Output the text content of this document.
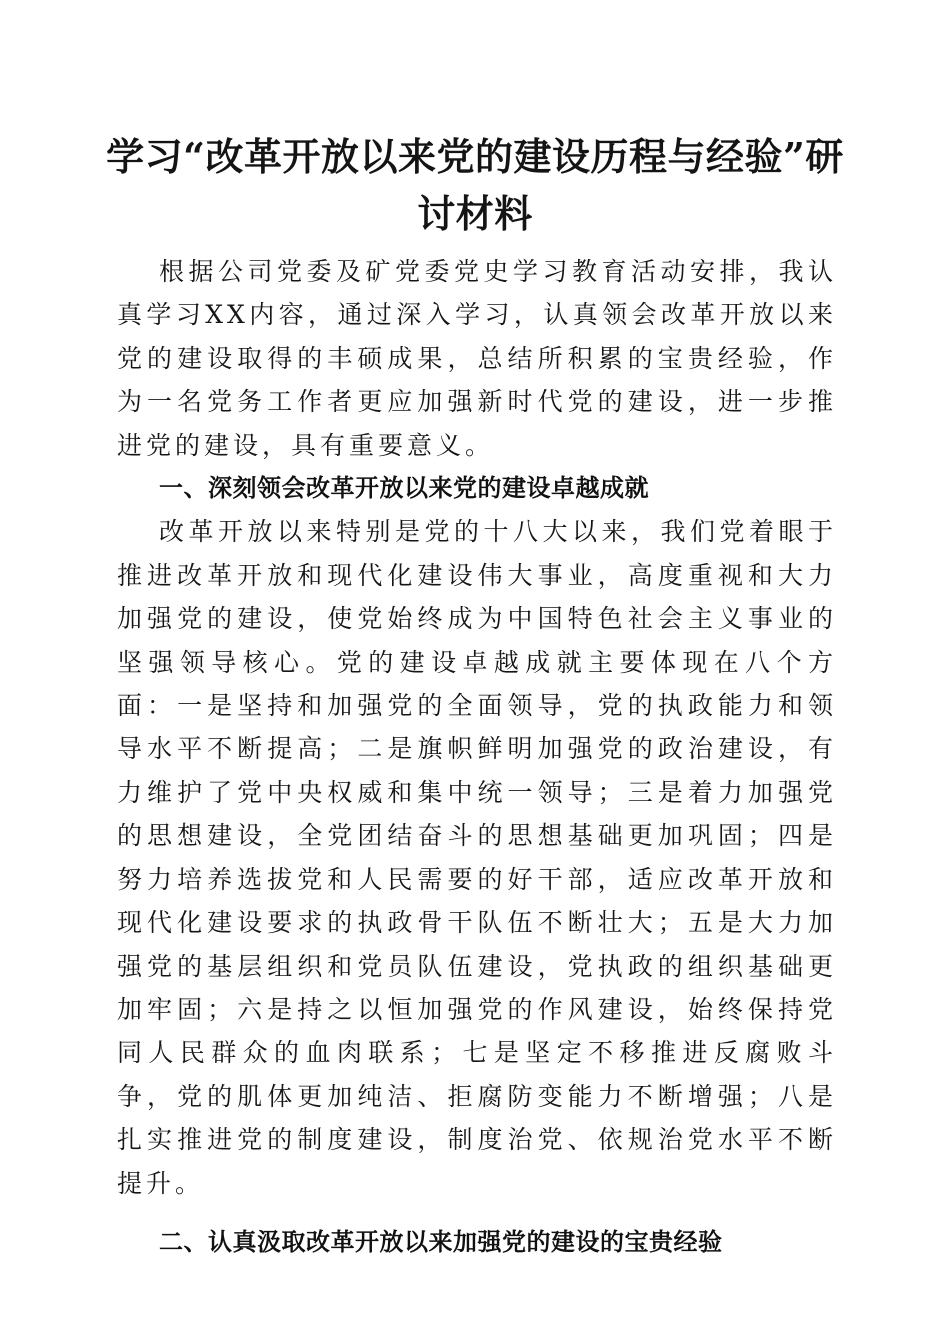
学习“改革开放以来党的建设历程与经验”研
讨材料

根据公司党委及矿党委党史学习教育活动安排，我认真学习XX内容，通过深入学习，认真领会改革开放以来党的建设取得的丰硕成果，总结所积累的宝贵经验，作为一名党务工作者更应加强新时代党的建设，进一步推进党的建设，具有重要意义。

一、深刻领会改革开放以来党的建设卓越成就

改革开放以来特别是党的十八大以来，我们党着眼于推进改革开放和现代化建设伟大事业，高度重视和大力加强党的建设，使党始终成为中国特色社会主义事业的坚强领导核心。党的建设卓越成就主要体现在八个方面：一是坚持和加强党的全面领导，党的执政能力和领导水平不断提高；二是旗帜鲜明加强党的政治建设，有力维护了党中央权威和集中统一领导；三是着力加强党的思想建设，全党团结奋斗的思想基础更加巩固；四是努力培养选拔党和人民需要的好干部，适应改革开放和现代化建设要求的执政骨干队伍不断壮大；五是大力加强党的基层组织和党员队伍建设，党执政的组织基础更加牢固；六是持之以恒加强党的作风建设，始终保持党同人民群众的血肉联系；七是坚定不移推进反腐败斗争，党的肌体更加纯洁、拒腐防变能力不断增强；八是扎实推进党的制度建设，制度治党、依规治党水平不断提升。

二、认真汲取改革开放以来加强党的建设的宝贵经验
